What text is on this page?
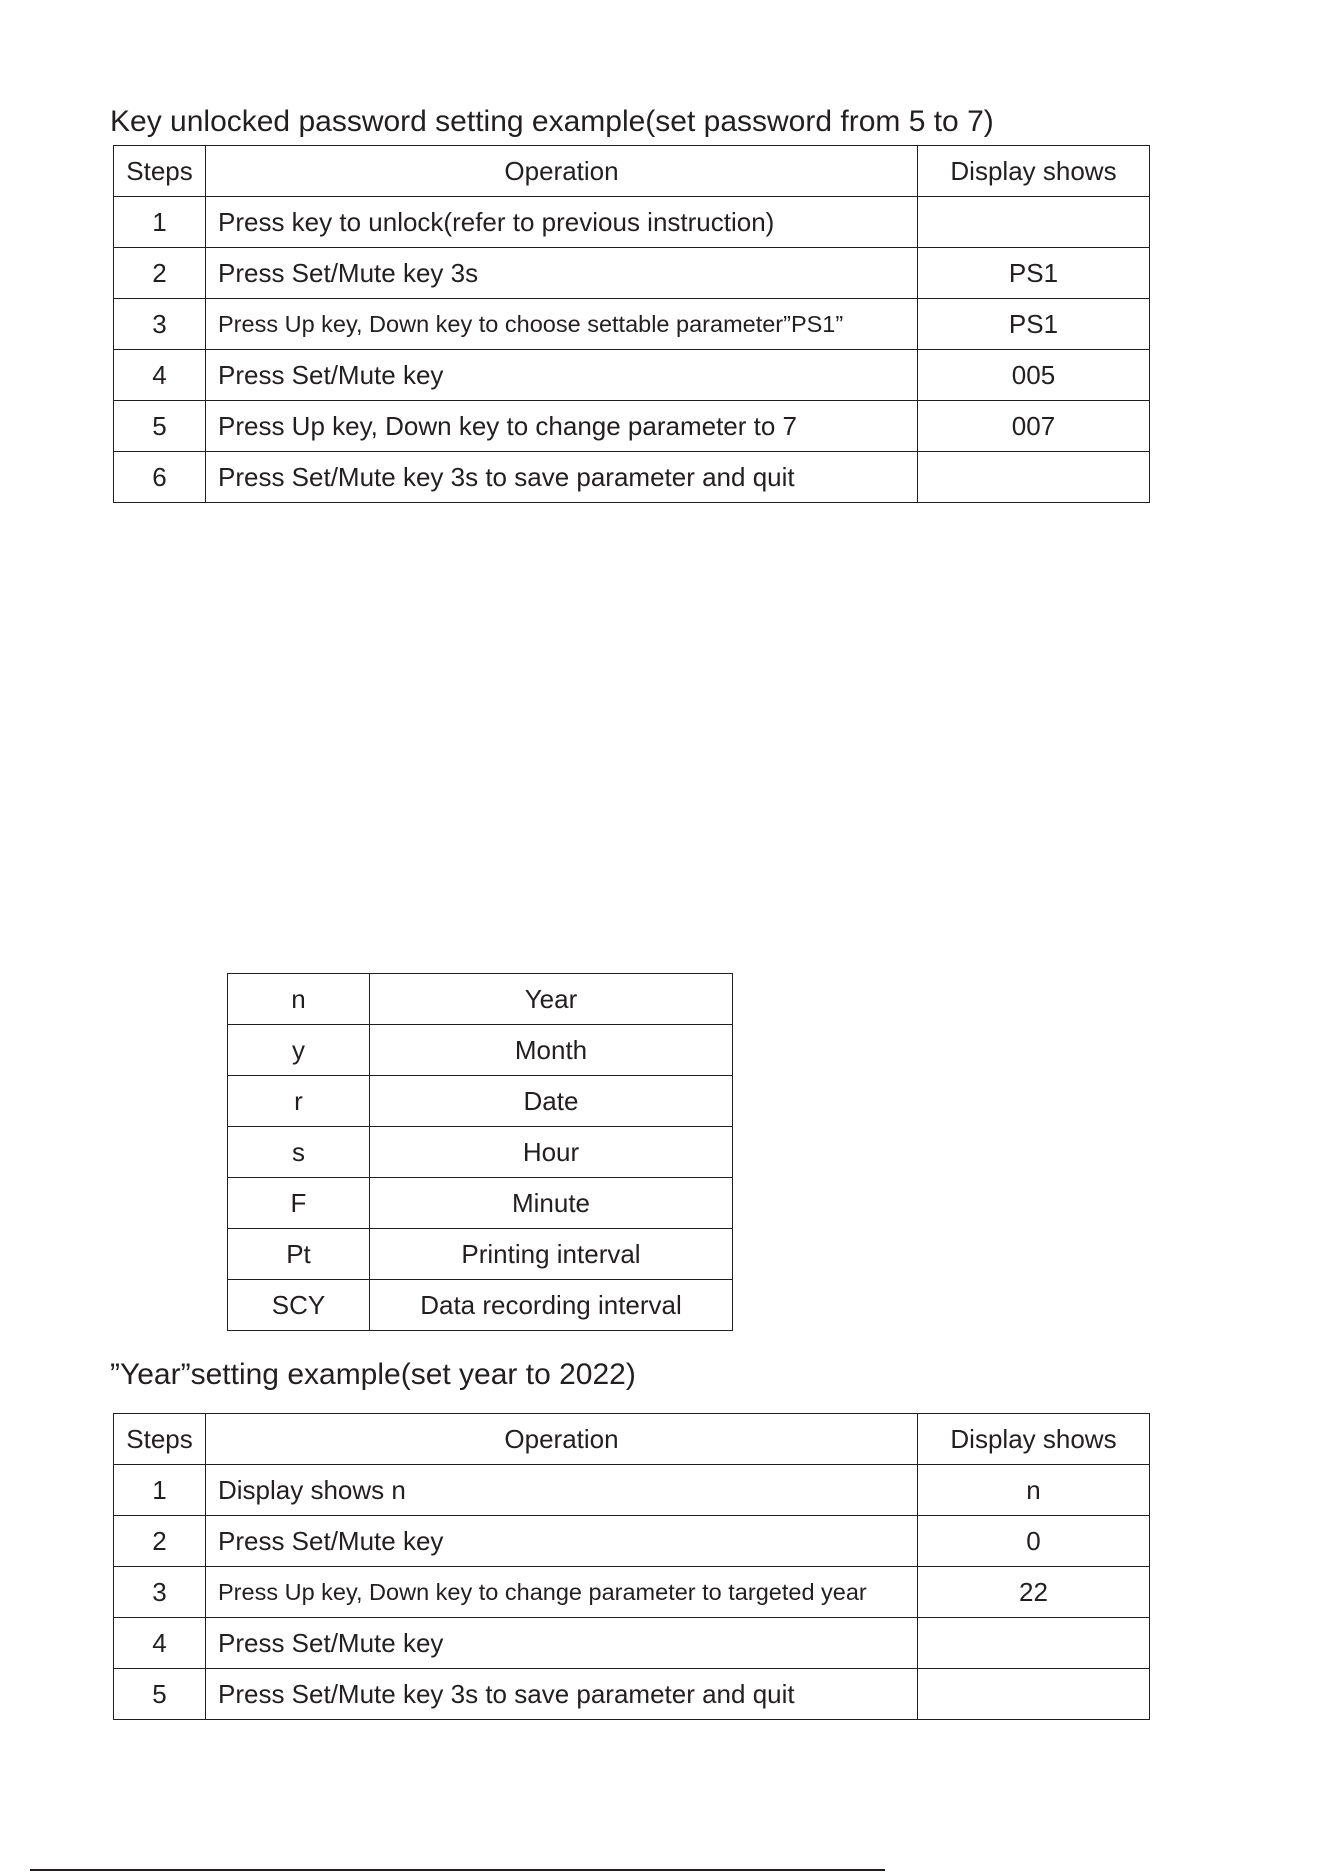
Key unlocked password setting example(set password from 5 to 7)
Steps	Operation	Display shows
1	Press key to unlock(refer to previous instruction)	
2	Press Set/Mute key 3s	PS1
3	Press Up key, Down key to choose settable parameter”PS1”	PS1
4	Press Set/Mute key	005
5	Press Up key, Down key to change parameter to 7	007
6	Press Set/Mute key 3s to save parameter and quit	
n	Year
y	Month
r	Date
s	Hour
F	Minute
Pt	Printing interval
SCY	Data recording interval
”Year”setting example(set year to 2022)
Steps	Operation	Display shows
1	Display shows n	n
2	Press Set/Mute key	0
3	Press Up key, Down key to change parameter to targeted year	22
4	Press Set/Mute key	
5	Press Set/Mute key 3s to save parameter and quit	
